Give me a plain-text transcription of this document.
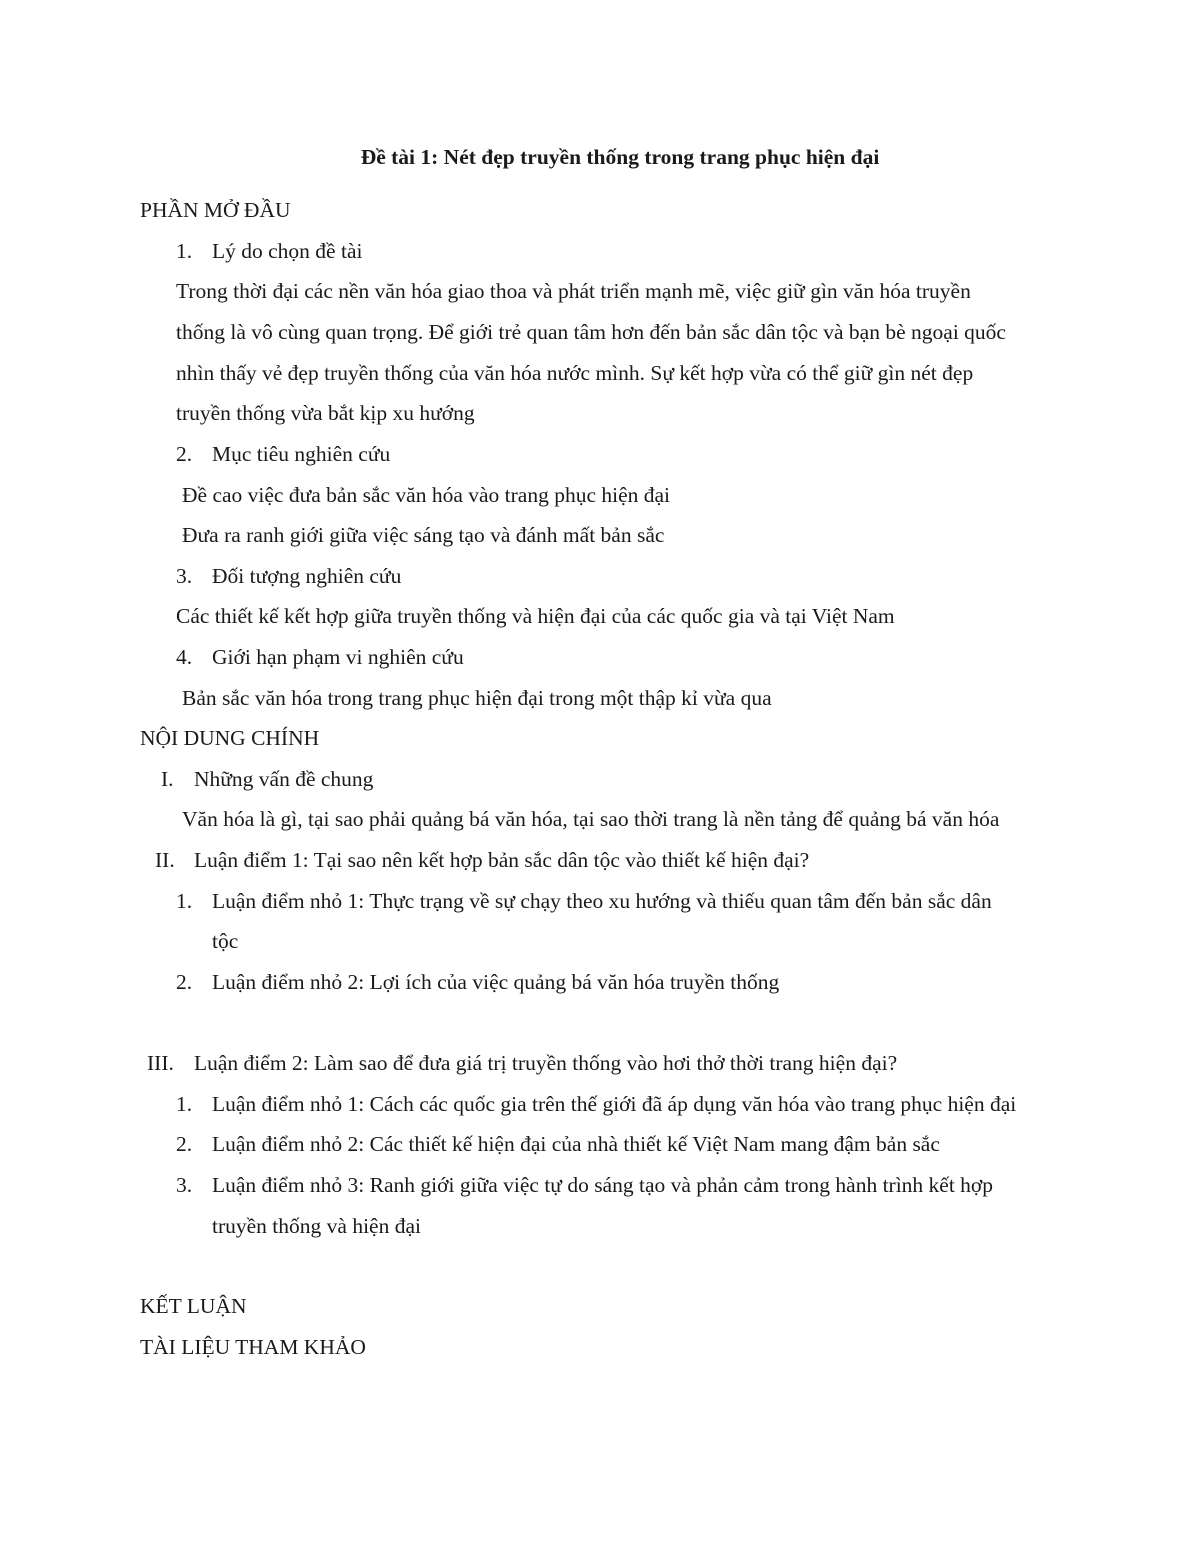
Đề tài 1: Nét đẹp truyền thống trong trang phục hiện đại
PHẦN MỞ ĐẦU
1. Lý do chọn đề tài
Trong thời đại các nền văn hóa giao thoa và phát triển mạnh mẽ, việc giữ gìn văn hóa truyền
thống là vô cùng quan trọng. Để giới trẻ quan tâm hơn đến bản sắc dân tộc và bạn bè ngoại quốc
nhìn thấy vẻ đẹp truyền thống của văn hóa nước mình. Sự kết hợp vừa có thể giữ gìn nét đẹp
truyền thống vừa bắt kịp xu hướng
2. Mục tiêu nghiên cứu
Đề cao việc đưa bản sắc văn hóa vào trang phục hiện đại
Đưa ra ranh giới giữa việc sáng tạo và đánh mất bản sắc
3. Đối tượng nghiên cứu
Các thiết kế kết hợp giữa truyền thống và hiện đại của các quốc gia và tại Việt Nam
4. Giới hạn phạm vi nghiên cứu
Bản sắc văn hóa trong trang phục hiện đại trong một thập kỉ vừa qua
NỘI DUNG CHÍNH
I. Những vấn đề chung
Văn hóa là gì, tại sao phải quảng bá văn hóa, tại sao thời trang là nền tảng để quảng bá văn hóa
II. Luận điểm 1: Tại sao nên kết hợp bản sắc dân tộc vào thiết kế hiện đại?
1. Luận điểm nhỏ 1: Thực trạng về sự chạy theo xu hướng và thiếu quan tâm đến bản sắc dân
tộc
2. Luận điểm nhỏ 2: Lợi ích của việc quảng bá văn hóa truyền thống
III. Luận điểm 2: Làm sao để đưa giá trị truyền thống vào hơi thở thời trang hiện đại?
1. Luận điểm nhỏ 1: Cách các quốc gia trên thế giới đã áp dụng văn hóa vào trang phục hiện đại
2. Luận điểm nhỏ 2: Các thiết kế hiện đại của nhà thiết kế Việt Nam mang đậm bản sắc
3. Luận điểm nhỏ 3: Ranh giới giữa việc tự do sáng tạo và phản cảm trong hành trình kết hợp
truyền thống và hiện đại
KẾT LUẬN
TÀI LIỆU THAM KHẢO
